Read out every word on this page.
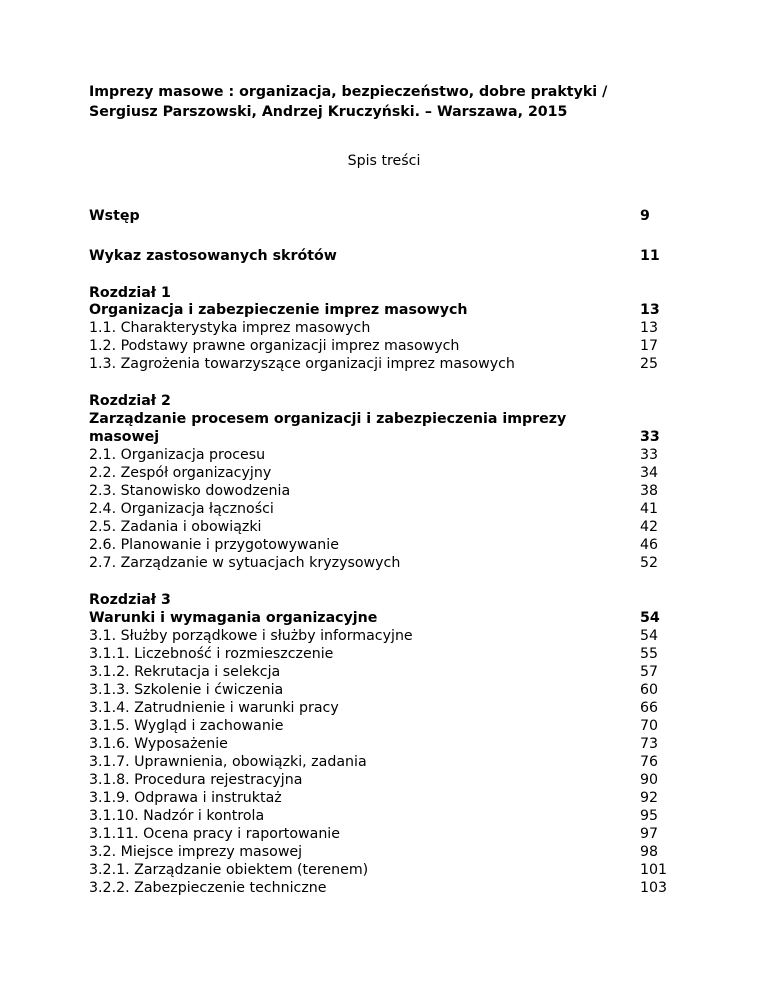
Imprezy masowe : organizacja, bezpieczeństwo, dobre praktyki /
Sergiusz Parszowski, Andrzej Kruczyński. – Warszawa, 2015
Spis treści
Wstęp	9
Wykaz zastosowanych skrótów	11
Rozdział 1
Organizacja i zabezpieczenie imprez masowych	13
1.1. Charakterystyka imprez masowych	13
1.2. Podstawy prawne organizacji imprez masowych	17
1.3. Zagrożenia towarzyszące organizacji imprez masowych	25
Rozdział 2
Zarządzanie procesem organizacji i zabezpieczenia imprezy
masowej	33
2.1. Organizacja procesu	33
2.2. Zespół organizacyjny	34
2.3. Stanowisko dowodzenia	38
2.4. Organizacja łączności	41
2.5. Zadania i obowiązki	42
2.6. Planowanie i przygotowywanie	46
2.7. Zarządzanie w sytuacjach kryzysowych	52
Rozdział 3
Warunki i wymagania organizacyjne	54
3.1. Służby porządkowe i służby informacyjne	54
3.1.1. Liczebność i rozmieszczenie	55
3.1.2. Rekrutacja i selekcja	57
3.1.3. Szkolenie i ćwiczenia	60
3.1.4. Zatrudnienie i warunki pracy	66
3.1.5. Wygląd i zachowanie	70
3.1.6. Wyposażenie	73
3.1.7. Uprawnienia, obowiązki, zadania	76
3.1.8. Procedura rejestracyjna	90
3.1.9. Odprawa i instruktaż	92
3.1.10. Nadzór i kontrola	95
3.1.11. Ocena pracy i raportowanie	97
3.2. Miejsce imprezy masowej	98
3.2.1. Zarządzanie obiektem (terenem)	101
3.2.2. Zabezpieczenie techniczne	103
